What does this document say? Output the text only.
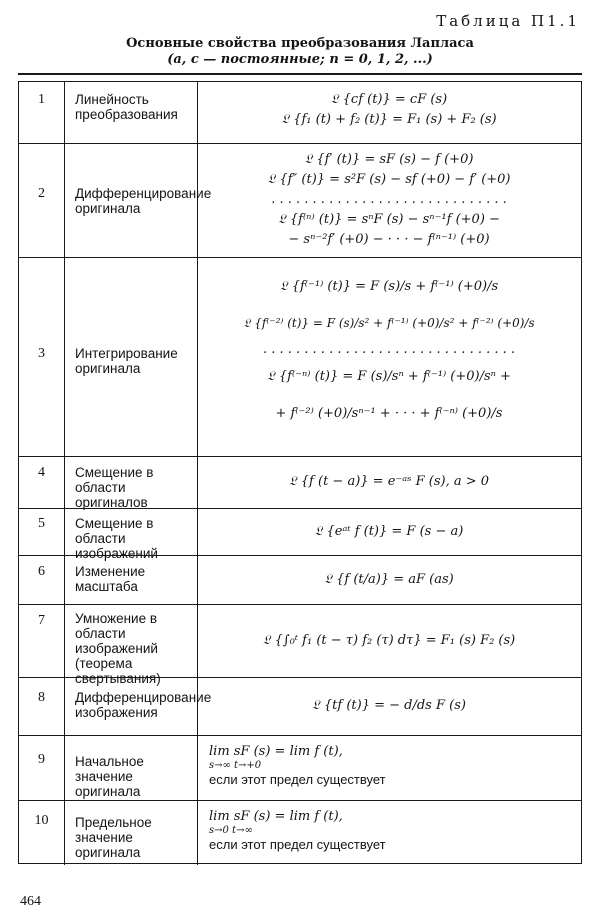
Таблица П1.1
Основные свойства преобразования Лапласа
(a, c — постоянные; n = 0, 1, 2, ...)
1	Линейность преобразования
𝔏 {cf (t)} = cF (s)
𝔏 {f₁ (t) + f₂ (t)} = F₁ (s) + F₂ (s)
2	Дифференцирование оригинала
𝔏 {f′ (t)} = sF (s) − f (+0)
𝔏 {f″ (t)} = s²F (s) − sf (+0) − f′ (+0)
. . . . . . . . . . . . . . . . . . . . . . . . . . . . .
𝔏 {f⁽ⁿ⁾ (t)} = sⁿF (s) − sⁿ⁻¹f (+0) −
− sⁿ⁻²f′ (+0) − · · · − f⁽ⁿ⁻¹⁾ (+0)
3	Интегрирование оригинала
𝔏 {f⁽⁻¹⁾ (t)} = F (s)/s + f⁽⁻¹⁾ (+0)/s
𝔏 {f⁽⁻²⁾ (t)} = F (s)/s² + f⁽⁻¹⁾ (+0)/s² + f⁽⁻²⁾ (+0)/s
. . . . . . . . . . . . . . . . . . . . . . . . . . . . . . .
𝔏 {f⁽⁻ⁿ⁾ (t)} = F (s)/sⁿ + f⁽⁻¹⁾ (+0)/sⁿ +
+ f⁽⁻²⁾ (+0)/sⁿ⁻¹ + · · · + f⁽⁻ⁿ⁾ (+0)/s
4	Смещение в области оригиналов
𝔏 {f (t − a)} = e⁻ᵃˢ F (s), a > 0
5	Смещение в области изображений
𝔏 {eᵃᵗ f (t)} = F (s − a)
6	Изменение масштаба	𝔏 {f (t/a)} = aF (as)
7	Умножение в области изображений (теорема свертывания)
𝔏 {∫₀ᵗ f₁ (t − τ) f₂ (τ) dτ} = F₁ (s) F₂ (s)
8	Дифференцирование изображения	𝔏 {tf (t)} = − d/ds F (s)
9	Начальное значение оригинала
lim sF (s) = lim f (t),
s→∞ t→+0
если этот предел существует
10	Предельное значение оригинала
lim sF (s) = lim f (t),
s→0 t→∞
если этот предел существует
464
